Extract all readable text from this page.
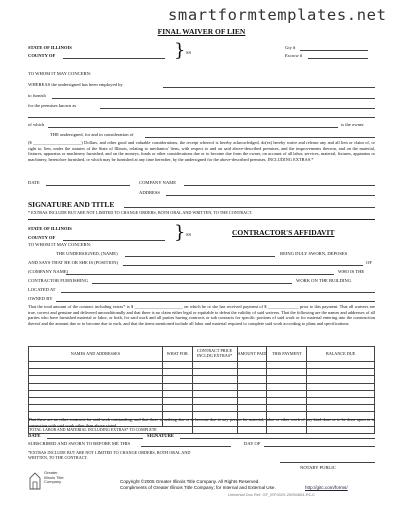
smartformtemplates.net
FINAL WAIVER OF LIEN
STATE OF ILLINOIS
COUNTY OF	} SS
Gty #
Escrow #
TO WHOM IT MAY CONCERN:
WHEREAS the undersigned has been employed by
to furnish
for the premises known as
of which	is the owner.
THE undersigned, for and in consideration of
($ ______________________) Dollars, and other good and valuable considerations, the receipt whereof is hereby acknowledged, do(es) hereby waive and release any and all lien or claim of, or right to, lien, under the statutes of the State of Illinois, relating to mechanics' liens, with respect to and on said above-described premises, and the improvements thereon, and on the material, fixtures, apparatus or machinery furnished, and on the moneys, funds or other considerations due or to become due from the owner, on account of all labor, services, material, fixtures, apparatus or machinery, heretofore furnished, or which may be furnished at any time hereafter, by the undersigned for the above-described premises, INCLUDING EXTRAS.*
DATE	COMPANY NAME
ADDRESS
SIGNATURE AND TITLE
* EXTRAS INCLUDE BUT ARE NOT LIMITED TO CHANGE ORDERS, BOTH ORAL AND WRITTEN, TO THE CONTRACT.
STATE OF ILLINOIS
COUNTY OF	} SS	CONTRACTOR'S AFFIDAVIT
TO WHOM IT MAY CONCERN:
THE UNDERSIGNED, (NAME)	BEING DULY SWORN, DEPOSES
AND SAYS THAT HE OR SHE IS (POSITION)	OF
(COMPANY NAME)	WHO IS THE
CONTRACTOR FURNISHING	WORK ON THE BUILDING
LOCATED AT
OWNED BY
That the total amount of the contract including extras* is $ ______________________ on which he or she has received payment of $ ______________ prior to this payment. That all waivers are true, correct and genuine and delivered unconditionally and that there is no claim either legal or equitable to defeat the validity of said waivers. That the following are the names and addresses of all parties who have furnished material or labor, or both, for said work and all parties having contracts or sub contracts for specific portions of said work or for material entering into the construction thereof and the amount due or to become due to each, and that the items mentioned include all labor and material required to complete said work according to plans and specifications:
NAMES AND ADDRESSES	WHAT FOR	CONTRACT PRICE INCLDG EXTRAS*	AMOUNT PAID	THIS PAYMENT	BALANCE DUE

TOTAL LABOR AND MATERIAL INCLUDING EXTRAS* TO COMPLETE					
That there are no other contracts for said work outstanding, and that there is nothing due or to become due to any person for material, labor or other work of any kind done or to be done upon or in connection with said work other than above stated.
DATE	SIGNATURE
SUBSCRIBED AND SWORN TO BEFORE ME THIS	DAY OF
*EXTRAS INCLUDE BUT ARE NOT LIMITED TO CHANGE ORDERS, BOTH ORAL AND WRITTEN, TO THE CONTRACT.
NOTARY PUBLIC
Greater Illinois Title Company	Copyright ©2005 Greater Illinois Title Company. All Rights Reserved.
http://gitc.com/forms/
Compliments of Greater Illinois Title Company; for Internal and External Use.
Universal Doc Ref: GF_IEF0029-20050804-R1-0
